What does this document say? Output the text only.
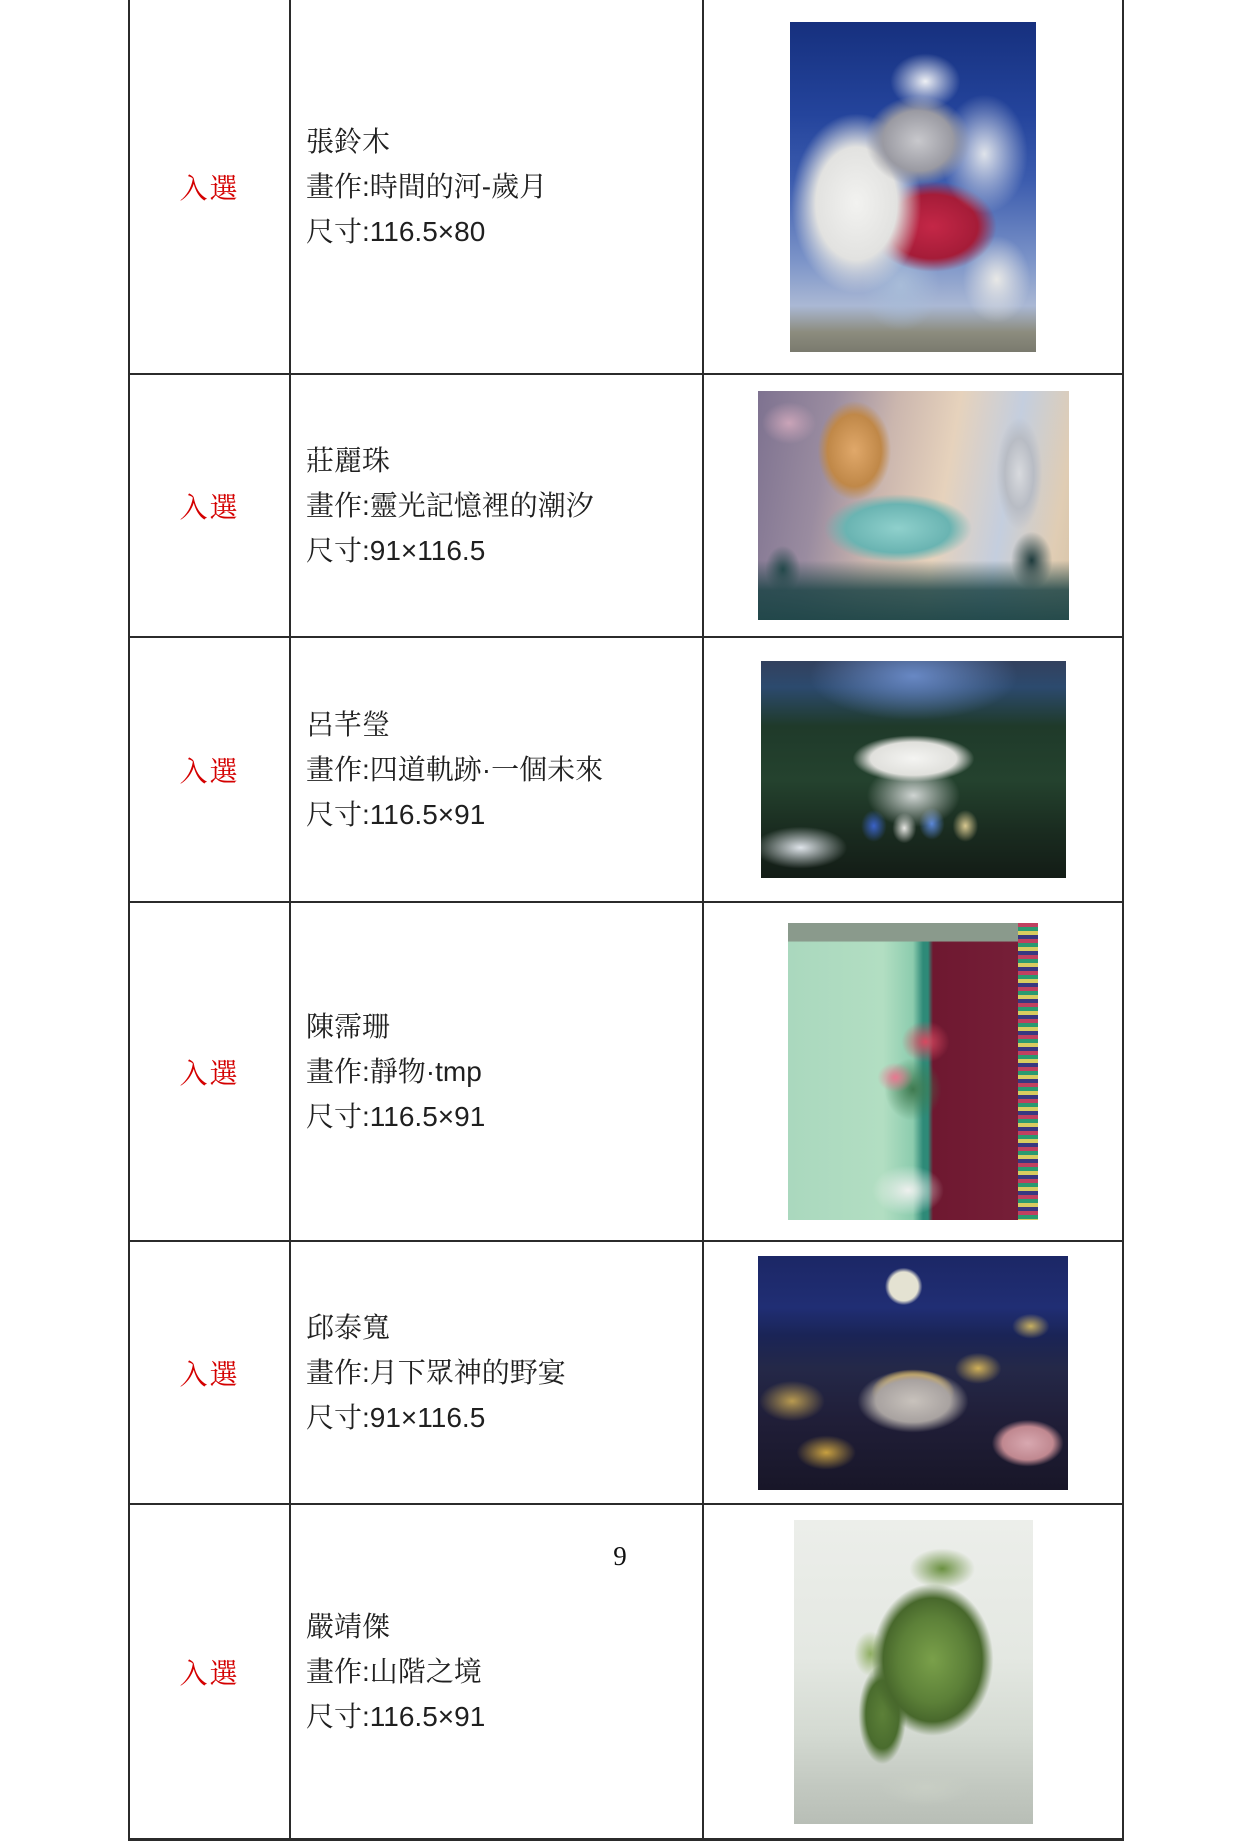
入選
張鈴木
畫作:時間的河-歲月
尺寸:116.5×80
入選
莊麗珠
畫作:靈光記憶裡的潮汐
尺寸:91×116.5
入選
呂芊瑩
畫作:四道軌跡·一個未來
尺寸:116.5×91
入選
陳霈珊
畫作:靜物·tmp
尺寸:116.5×91
入選
邱泰寬
畫作:月下眾神的野宴
尺寸:91×116.5
入選
嚴靖傑
畫作:山階之境
尺寸:116.5×91
9
